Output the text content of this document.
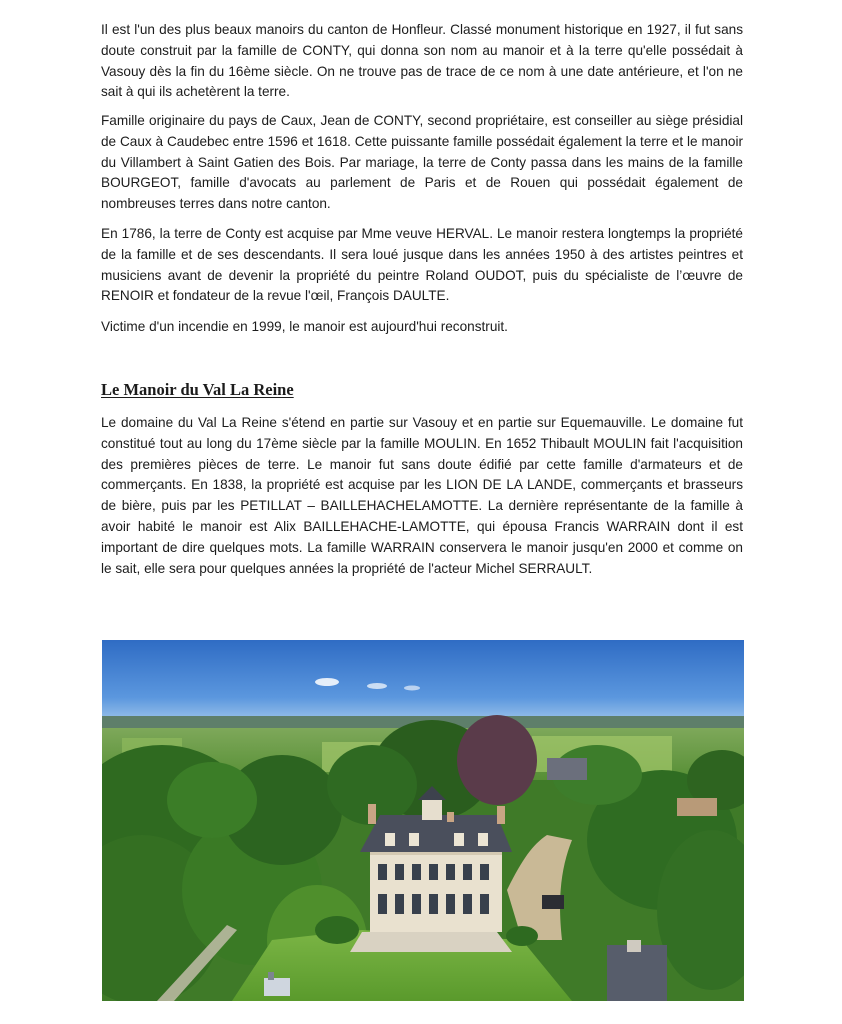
Il est l'un des plus beaux manoirs du canton de Honfleur. Classé monument historique en 1927, il fut sans doute construit par la famille de CONTY, qui donna son nom au manoir et à la terre qu'elle possédait à Vasouy dès la fin du 16ème siècle. On ne trouve pas de trace de ce nom à une date antérieure, et l'on ne sait à qui ils achetèrent la terre.

Famille originaire du pays de Caux, Jean de CONTY, second propriétaire, est conseiller au siège présidial de Caux à Caudebec entre 1596 et 1618. Cette puissante famille possédait également la terre et le manoir du Villambert à Saint Gatien des Bois. Par mariage, la terre de Conty passa dans les mains de la famille BOURGEOT, famille d'avocats au parlement de Paris et de Rouen qui possédait également de nombreuses terres dans notre canton.

En 1786, la terre de Conty est acquise par Mme veuve HERVAL. Le manoir restera longtemps la propriété de la famille et de ses descendants. Il sera loué jusque dans les années 1950 à des artistes peintres et musiciens avant de devenir la propriété du peintre Roland OUDOT, puis du spécialiste de l’œuvre de RENOIR et fondateur de la revue l'œil, François DAULTE.

Victime d'un incendie en 1999, le manoir est aujourd'hui reconstruit.

Le Manoir du Val La Reine

Le domaine du Val La Reine s'étend en partie sur Vasouy et en partie sur Equemauville. Le domaine fut constitué tout au long du 17ème siècle par la famille MOULIN. En 1652 Thibault MOULIN fait l'acquisition des premières pièces de terre. Le manoir fut sans doute édifié par cette famille d'armateurs et de commerçants. En 1838, la propriété est acquise par les LION DE LA LANDE, commerçants et brasseurs de bière, puis par les PETILLAT – BAILLEHACHELAMOTTE. La dernière représentante de la famille à avoir habité le manoir est Alix BAILLEHACHE-LAMOTTE, qui épousa Francis WARRAIN dont il est important de dire quelques mots. La famille WARRAIN conservera le manoir jusqu'en 2000 et comme on le sait, elle sera pour quelques années la propriété de l'acteur Michel SERRAULT.
